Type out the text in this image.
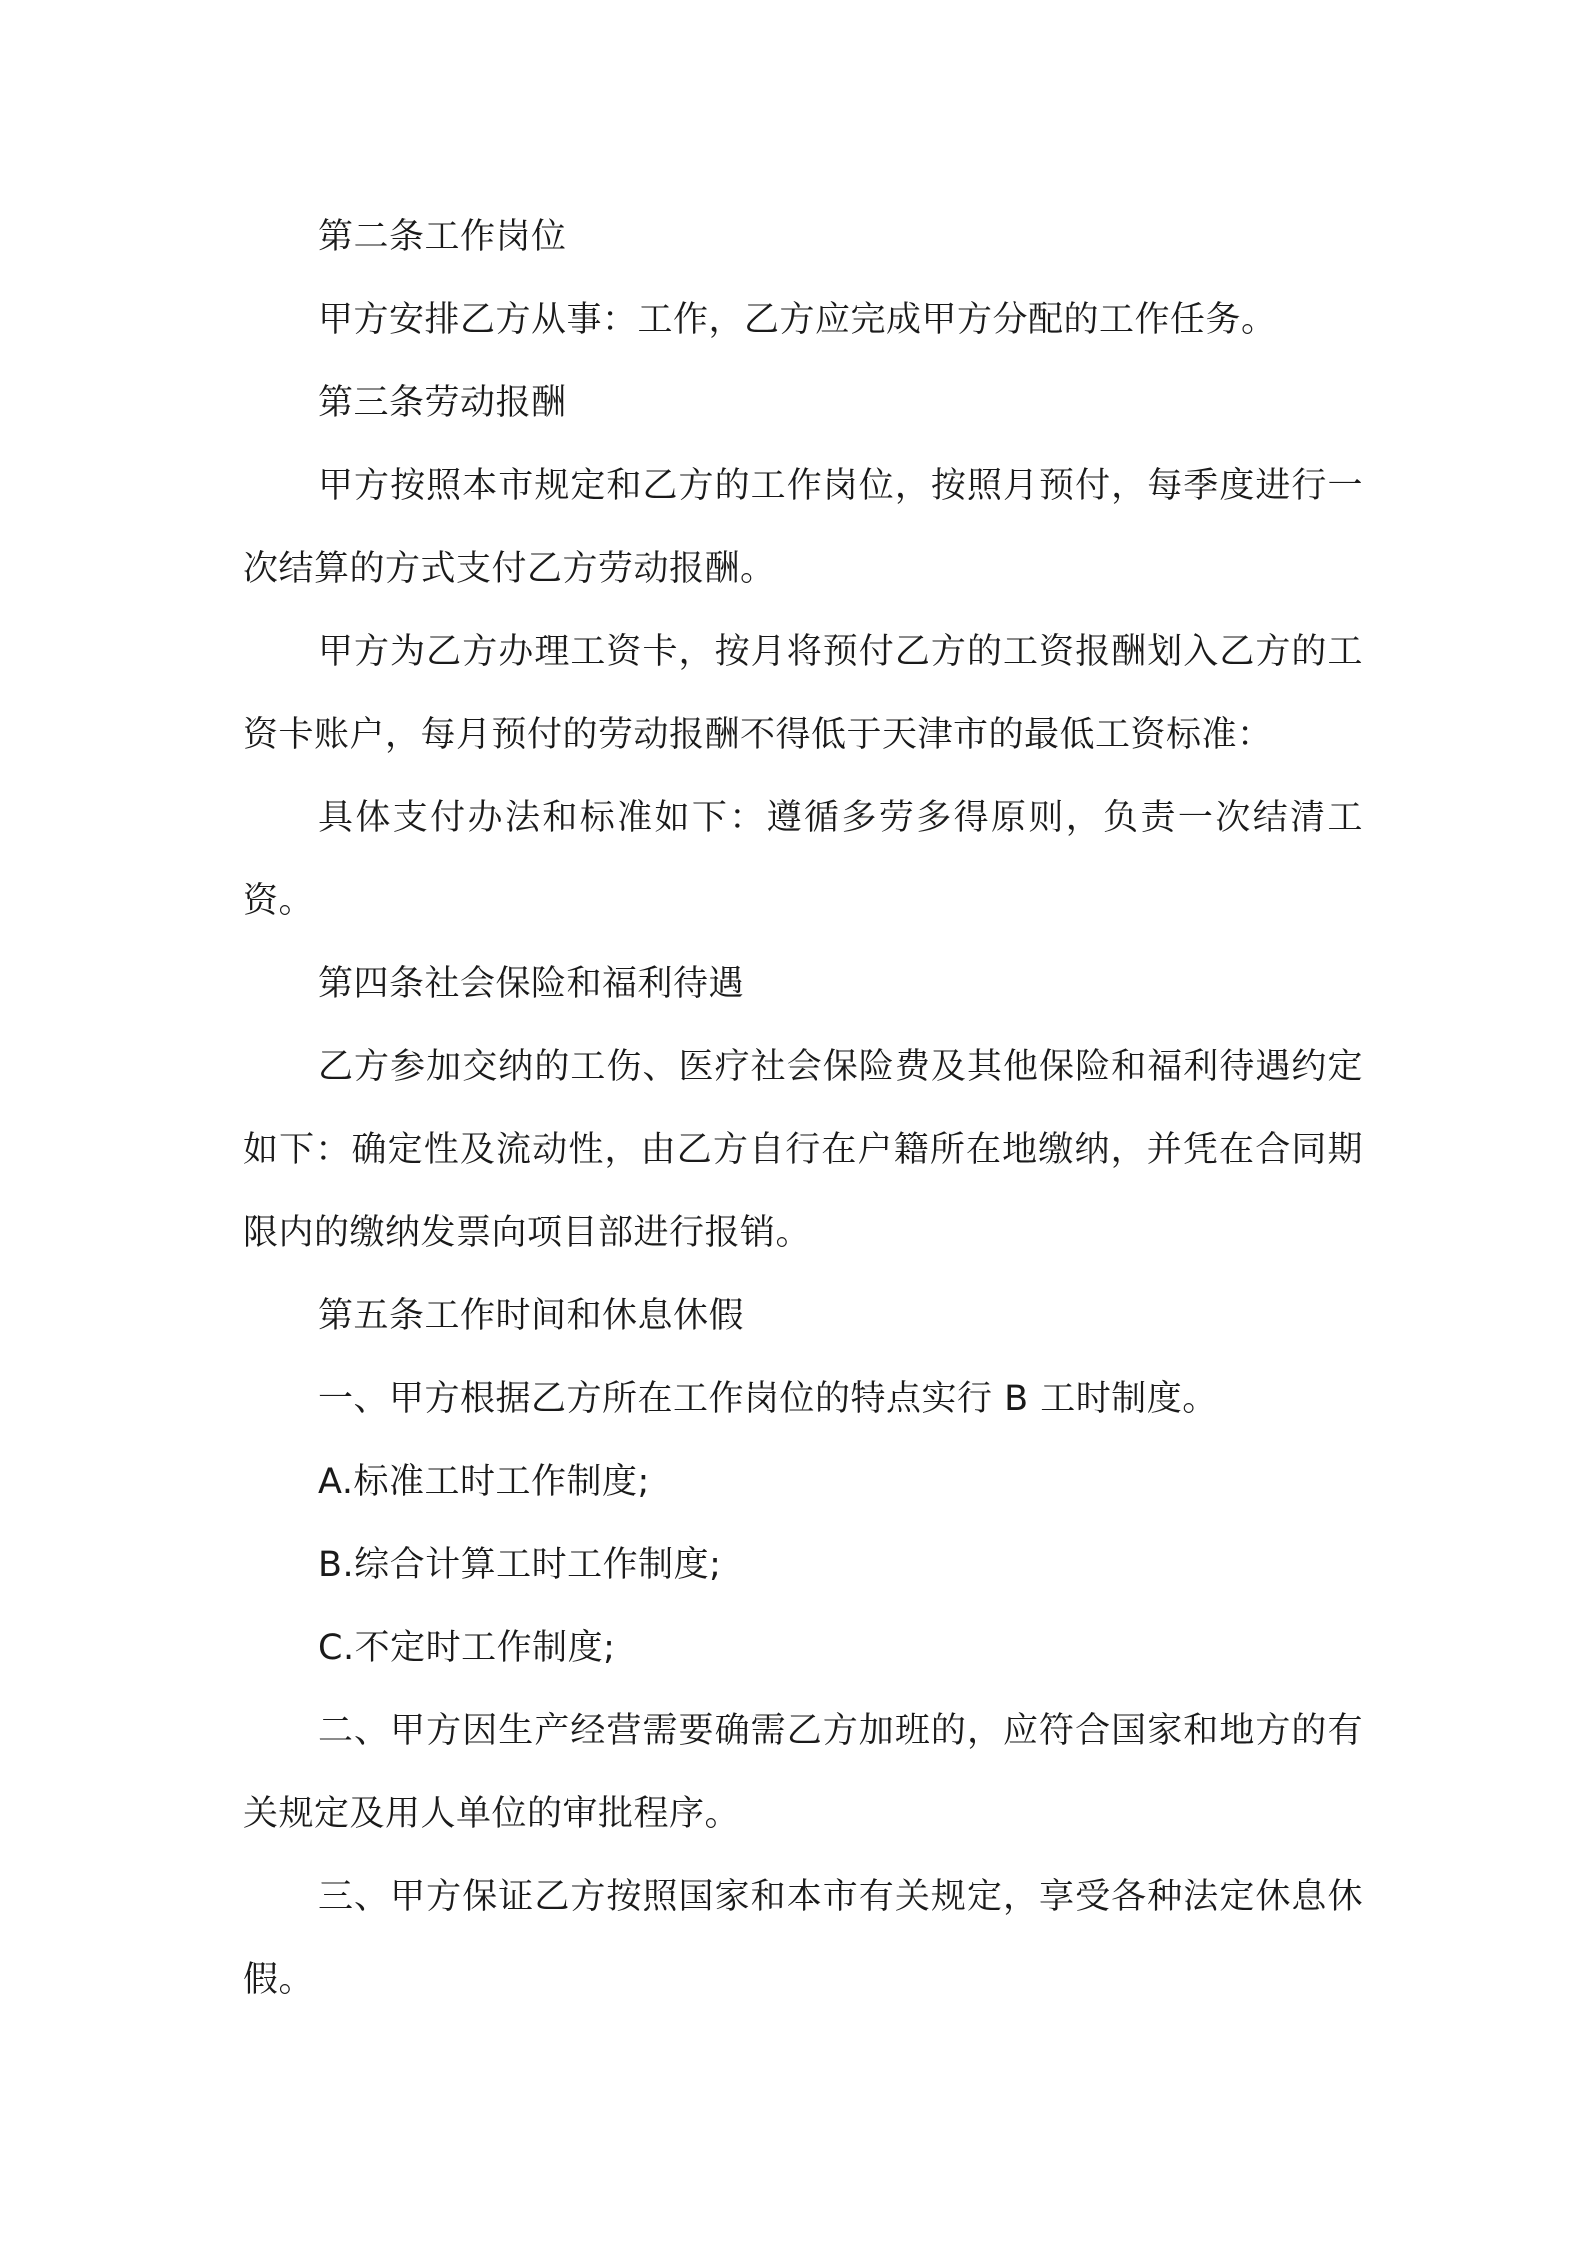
第二条工作岗位

甲方安排乙方从事：工作，乙方应完成甲方分配的工作任务。

第三条劳动报酬

甲方按照本市规定和乙方的工作岗位，按照月预付，每季度进行一次结算的方式支付乙方劳动报酬。

甲方为乙方办理工资卡，按月将预付乙方的工资报酬划入乙方的工资卡账户，每月预付的劳动报酬不得低于天津市的最低工资标准：

具体支付办法和标准如下：遵循多劳多得原则，负责一次结清工资。

第四条社会保险和福利待遇

乙方参加交纳的工伤、医疗社会保险费及其他保险和福利待遇约定如下：确定性及流动性，由乙方自行在户籍所在地缴纳，并凭在合同期限内的缴纳发票向项目部进行报销。

第五条工作时间和休息休假

一、甲方根据乙方所在工作岗位的特点实行 B 工时制度。

A.标准工时工作制度;

B.综合计算工时工作制度;

C.不定时工作制度;

二、甲方因生产经营需要确需乙方加班的，应符合国家和地方的有关规定及用人单位的审批程序。

三、甲方保证乙方按照国家和本市有关规定，享受各种法定休息休假。
